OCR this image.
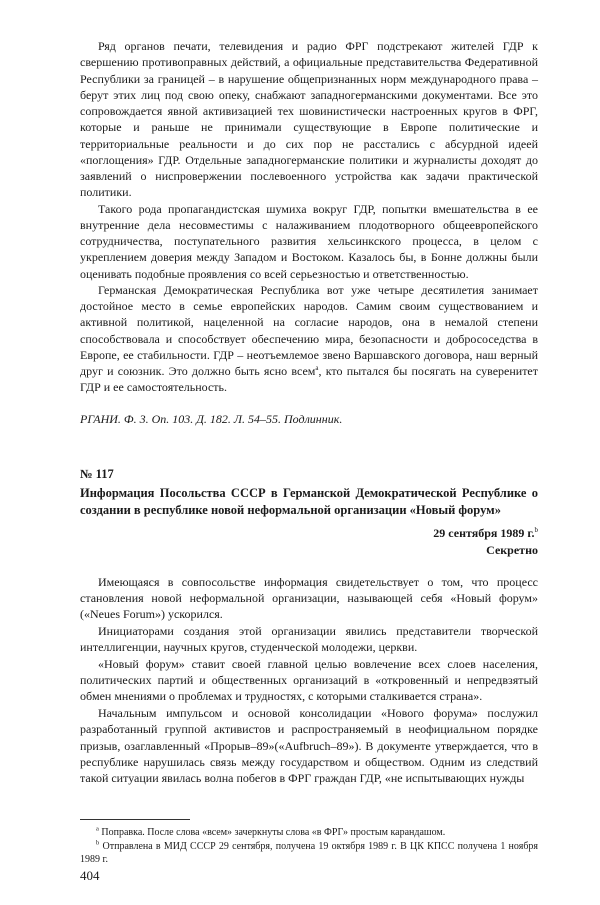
Ряд органов печати, телевидения и радио ФРГ подстрекают жителей ГДР к свершению противоправных действий, а официальные представительства Федеративной Республики за границей – в нарушение общепризнанных норм международного права – берут этих лиц под свою опеку, снабжают западногерманскими документами. Все это сопровождается явной активизацией тех шовинистически настроенных кругов в ФРГ, которые и раньше не принимали существующие в Европе политические и территориальные реальности и до сих пор не расстались с абсурдной идеей «поглощения» ГДР. Отдельные западногерманские политики и журналисты доходят до заявлений о ниспровержении послевоенного устройства как задачи практической политики.

Такого рода пропагандистская шумиха вокруг ГДР, попытки вмешательства в ее внутренние дела несовместимы с налаживанием плодотворного общеевропейского сотрудничества, поступательного развития хельсинкского процесса, в целом с укреплением доверия между Западом и Востоком. Казалось бы, в Бонне должны были оценивать подобные проявления со всей серьезностью и ответственностью.

Германская Демократическая Республика вот уже четыре десятилетия занимает достойное место в семье европейских народов. Самим своим существованием и активной политикой, нацеленной на согласие народов, она в немалой степени способствовала и способствует обеспечению мира, безопасности и добрососедства в Европе, ее стабильности. ГДР – неотъемлемое звено Варшавского договора, наш верный друг и союзник. Это должно быть ясно всем$^а$, кто пытался бы посягать на суверенитет ГДР и ее самостоятельность.

РГАНИ. Ф. 3. Оп. 103. Д. 182. Л. 54–55. Подлинник.

№ 117
Информация Посольства СССР в Германской Демократической Республике о создании в республике новой неформальной организации «Новый форум»
29 сентября 1989 г.$^b$
Секретно

Имеющаяся в совпосольстве информация свидетельствует о том, что процесс становления новой неформальной организации, называющей себя «Новый форум» («Neues Forum») ускорился.

Инициаторами создания этой организации явились представители творческой интеллигенции, научных кругов, студенческой молодежи, церкви.

«Новый форум» ставит своей главной целью вовлечение всех слоев населения, политических партий и общественных организаций в «откровенный и непредвзятый обмен мнениями о проблемах и трудностях, с которыми сталкивается страна».

Начальным импульсом и основой консолидации «Нового форума» послужил разработанный группой активистов и распространяемый в неофициальном порядке призыв, озаглавленный «Прорыв–89»(«Aufbruch–89»). В документе утверждается, что в республике нарушилась связь между государством и обществом. Одним из следствий такой ситуации явилась волна побегов в ФРГ граждан ГДР, «не испытывающих нужды

$^а$ Поправка. После слова «всем» зачеркнуты слова «в ФРГ» простым карандашом.

$^b$ Отправлена в МИД СССР 29 сентября, получена 19 октября 1989 г. В ЦК КПСС получена 1 ноября 1989 г.

404
